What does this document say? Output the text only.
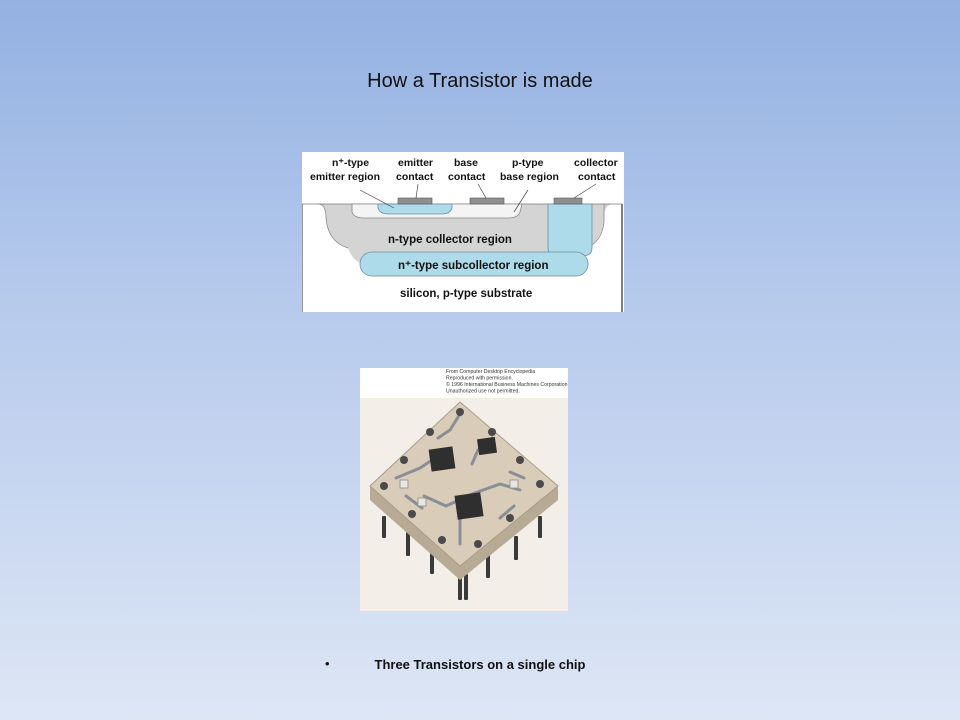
How a Transistor is made
n⁺-type
emitter region
emitter
contact
base
contact
p-type
base region
collector
contact
n-type collector region
n⁺-type subcollector region
silicon, p-type substrate
From Computer Desktop Encyclopedia
Reproduced with permission.
© 1996 International Business Machines Corporation
Unauthorized use not permitted.
•	Three Transistors on a single chip
